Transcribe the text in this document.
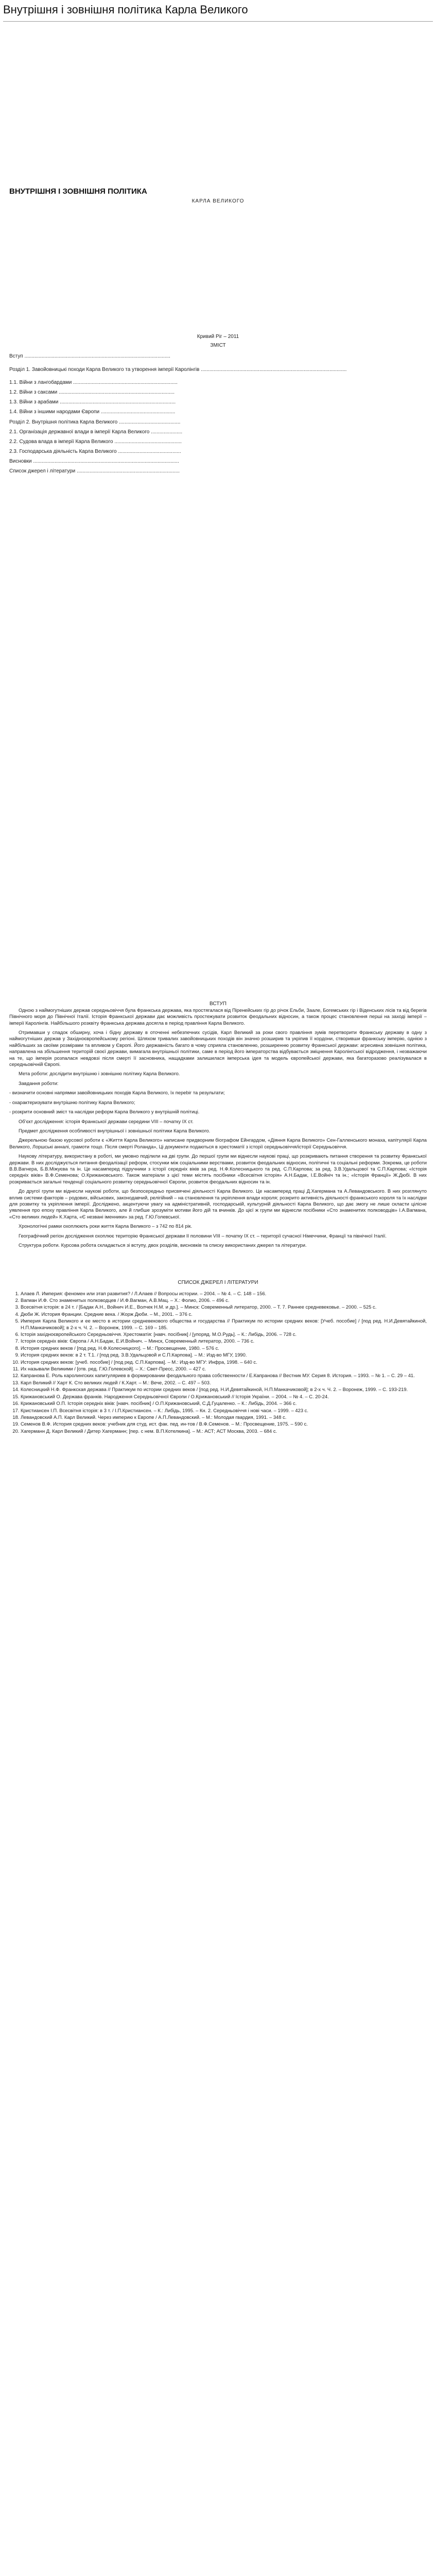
Внутрішня і зовнішня політика Карла Великого
ВНУТРІШНЯ І ЗОВНІШНЯ ПОЛІТИКА
КАРЛА ВЕЛИКОГО
Кривий Ріг – 2011
ЗМІСТ
Вступ ......................................................................................................
Розділ 1. Завойовницькі походи Карла Великого та утворення імперії Каролінгів ......................................................................................................
1.1. Війни з лангобардами .........................................................................
1.2. Війни з саксами .................................................................................
1.3. Війни з арабами .................................................................................
1.4. Війни з іншими народами Європи ....................................................
Розділ 2. Внутрішня політика Карла Великого ...........................................
2.1. Організація державної влади в імперії Карла Великого ......................
2.2. Судова влада в імперії Карла Великого ...............................................
2.3. Господарська діяльність Карла Великого ............................................
Висновки ......................................................................................................
Список джерел і літератури ........................................................................
ВСТУП

Одною з наймогутніших держав середньовіччя була Франкська держава, яка простягалася від Піренейських гір до річок Ельби, Заале, Богемських гір і Віденських лісів та від берегів Північного моря до Північної Італії. Історія Франкської держави дає можливість простежувати розвиток феодальних відносин, а також процес становлення перші на заході імперії – імперії Каролінгів. Найбільшого розквіту Франкська держава досягла в період правління Карла Великого.

Отримавши у спадок обширну, хоча і бідну державу в оточенні небезпечних сусідів, Карл Великий за роки свого правління зумів перетворити Франкську державу в одну з наймогутніших держав у Західноєвропейському регіоні. Шляхом тривалих завойовницьких походів він значно розширив та укріпив її кордони, створивши франкську імперію, однією з найбільших за своїми розмірами та впливом у Європі. Його державність багато в чому сприяла становленню, розширенню розвитку Франкської держави: агресивна зовнішня політика, направлена на збільшення територій своєї держави, вимагала внутрішньої політики, саме в період його імператорства відбувається зміцнення Каролінгської відродження, і незважаючи на те, що імперія розпалася невдовзі після смерті її засновника, нащадками залишилася імперська ідея та модель європейської держави, яка багаторазово реалізувалася в середньовічній Європі.

Мета роботи: дослідити внутрішню і зовнішню політику Карла Великого.

Завдання роботи:

- визначити основні напрямки завойовницьких походів Карла Великого, їх переbiг та результати;

- охарактеризувати внутрішню політику Карла Великого;

- розкрити основний зміст та наслідки реформ Карла Великого у внутрішній політиці.

Об’єкт дослідження: історія Франкської держави середини VIII – початку IX ст.

Предмет дослідження особливості внутрішньої і зовнішньої політики Карла Великого.

Джерельною базою курсової роботи є «Життя Карла Великого» написане придворним біографом Ейнгардом, «Діяння Карла Великого» Сен-Галленського монаха, капітулярії Карла Великого, Лоршські анналі, грамоти тощо. Після смерті Роланда», Ці документи подаються в хрестоматії з історії середньовіччя/історії Середньовіччя.

Наукову літературу, використану в роботі, ми умовно поділили на дві групи. До першої групи ми віднесли наукові праці, що розкривають питання створення та розвитку Франкської держави. В них досліджується питання феодалізації реформ, стосунки між соціальними верствами, розвиток феодальних відносин, політичні та соціальні реформи. Зокрема, це роботи В.В.Вагнера, Б.В.Міжуєва та ін. Це насамперед підручники з історії середніх віків за ред. Н.Ф.Колесницького та ред. С.П.Карпова; за ред. З.В.Удальцової та С.П.Карпова; «Історія середніх віків» В.Ф.Семенова; О.Крижановського. Також матеріали з цієї теми містять посібники «Всесвітня історія» А.Н.Бадак, І.Е.Войніч та ін.; «Історія Франції» Ж.Дюбі. В них розкривається загальні тенденції соціального розвитку середньовічної Європи, розвиток феодальних відносин та ін.

До другої групи ми віднесли наукові роботи, що безпосередньо присвячені діяльності Карла Великого. Це насамперед праці Д.Хагермана та А.Левандовського. В них розглянуто вплив системи факторів – родових, військових, законодавчий, релігійний – на становлення та укріплення влади короля; розкрито активність діяльності франкського короля та їх наслідки для розвитку та укріплення імперії. Досліджено, акцентуючи увагу на адміністративній, господарській, культурній діяльності Карла Великого, що дає змогу не лише скласти цілісне уявлення про епоху правління Карла Великого, але й глибше зрозуміти мотиви його дій та вчинків. До цієї ж групи ми віднесли посібники «Сто знаменитих полководців» І.А.Вагмана, «Сто великих людей» К.Харта, «Є незвані іменники» за ред. Г.Ю.Голевської.

Хронологічні рамки охоплюють роки життя Карла Великого – з 742 по 814 рік.

Географічний регіон дослідження охоплює територію Франкської держави II половини VIII – початку IX ст. – території сучасної Німеччини, Франції та північної Італії.

Структура роботи. Курсова робота складається зі вступу, двох розділів, висновків та списку використаних джерел та літератури.

СПИСОК ДЖЕРЕЛ І ЛІТЕРАТУРИ
1. Алаев Л. Империя: феномен или этап развития? / Л.Алаев // Вопросы истории. – 2004. – № 4. – С. 148 – 156.
2. Вагман И.Ф. Сто знаменитых полководцев / И.Ф.Вагман, А.В.Мац. – Х.: Фолио, 2006. – 496 с.
3. Всесвітня історія: в 24 т. / [Бадак А.Н., Войнич И.Е., Волчек Н.М. и др.]. – Минск: Современный литератор, 2000. – Т. 7. Раннее средневековье. – 2000. – 525 с.
4. Дюби Ж. История Франции. Средние века. / Жорж Дюби. – М., 2001. – 376 с.
5. Империя Карла Великого и ее место в истории средневекового общества и государства // Практикум по истории средних веков: [Учеб. пособие] / [под ред. Н.И.Девятайкиной, Н.П.Манкачиковой]; в 2-х ч. Ч. 2. – Воронеж, 1999. – С. 169 – 185.
6. Історія західноєвропейського Середньовіччя. Хрестоматія: [навч. посібник] / [упоряд. М.О.Рудь]. – К.: Либідь, 2006. – 728 с.
7. Історія середніх віків: Європа / А.Н.Бадак, Е.И.Войнич. – Минск, Современный литератор, 2000. – 736 с.
8. История средних веков / [под ред. Н.Ф.Колесницкого]. – М.: Просвещение, 1980. – 576 с.
9. История средних веков: в 2 т. Т.1. / [под ред. З.В.Удальцовой и С.П.Карпова]. – М.: Изд-во МГУ, 1990.
10. История средних веков: [учеб. пособие] / [под ред. С.П.Карпова]. – М.: Изд-во МГУ: Инфра, 1998. – 640 с.
11. Их называли Великими / [отв. ред. Г.Ю.Голевской]. – Х.: Свет-Пресс, 2000. – 427 с.
12. Капранова Е. Роль каролингских капитуляриев в формировании феодального права собственности / Е.Капранова // Вестник МУ. Серия 8. История. – 1993. – № 1. – С. 29 – 41.
13. Карл Великий // Харт К. Сто великих людей / К.Харт. – М.: Вече, 2002. – С. 497 – 503.
14. Колесницкий Н.Ф. Франкская держава // Практикум по истории средних веков / [под ред. Н.И.Девятайкиной, Н.П.Манкачиковой]; в 2-х ч. Ч. 2. – Воронеж, 1999. – С. 193-219.
15. Крижановський О. Держава франків. Народження Середньовічної Європи / О.Крижановський // Історія України. – 2004. – № 4. – С. 20-24.
16. Крижановський О.П. Історія середніх віків: [навч. посібник] / О.П.Крижановський, С.Д.Гуцаленко. – К.: Либідь, 2004. – 366 с.
17. Кристиансен І.П. Всесвітня історія: в 3 т. / І.П.Кристиансен. – К.: Либідь, 1995. – Кн. 2. Середньовіччя і нові часи. – 1999. – 423 с.
18. Левандовский А.П. Карл Великий. Через империю к Европе / А.П.Левандовский. – М.: Молодая гвардия, 1991. – 348 с.
19. Семенов В.Ф. История средних веков: учебник для студ. ист. фак. пед. ин-тов / В.Ф.Семенов. – М.: Просвещение, 1975. – 590 с.
20. Хагерманн Д. Карл Великий / Дитер Хагерманн; [пер. с нем. В.П.Котелкина]. – М.: АСТ; АСТ Москва, 2003. – 684 с.
